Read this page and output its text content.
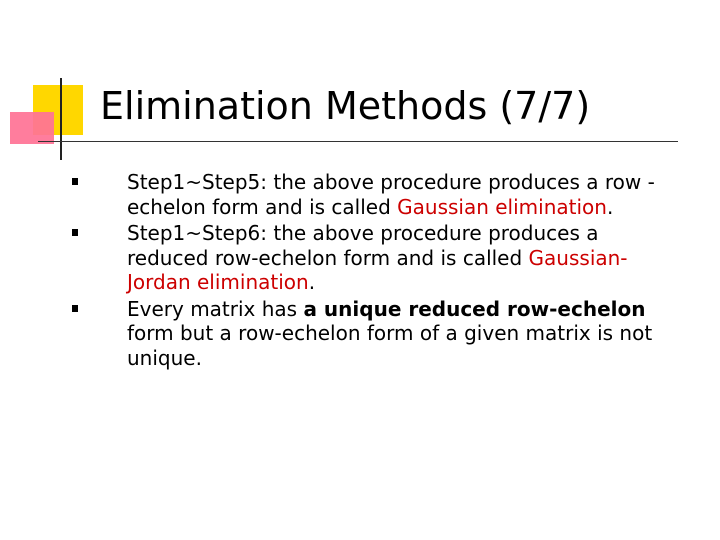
Elimination Methods (7/7)
Step1~Step5: the above procedure produces a row -echelon form and is called Gaussian elimination.
Step1~Step6: the above procedure produces a reduced row-echelon form and is called Gaussian-Jordan elimination.
Every matrix has a unique reduced row-echelon form but a row-echelon form of a given matrix is not unique.
